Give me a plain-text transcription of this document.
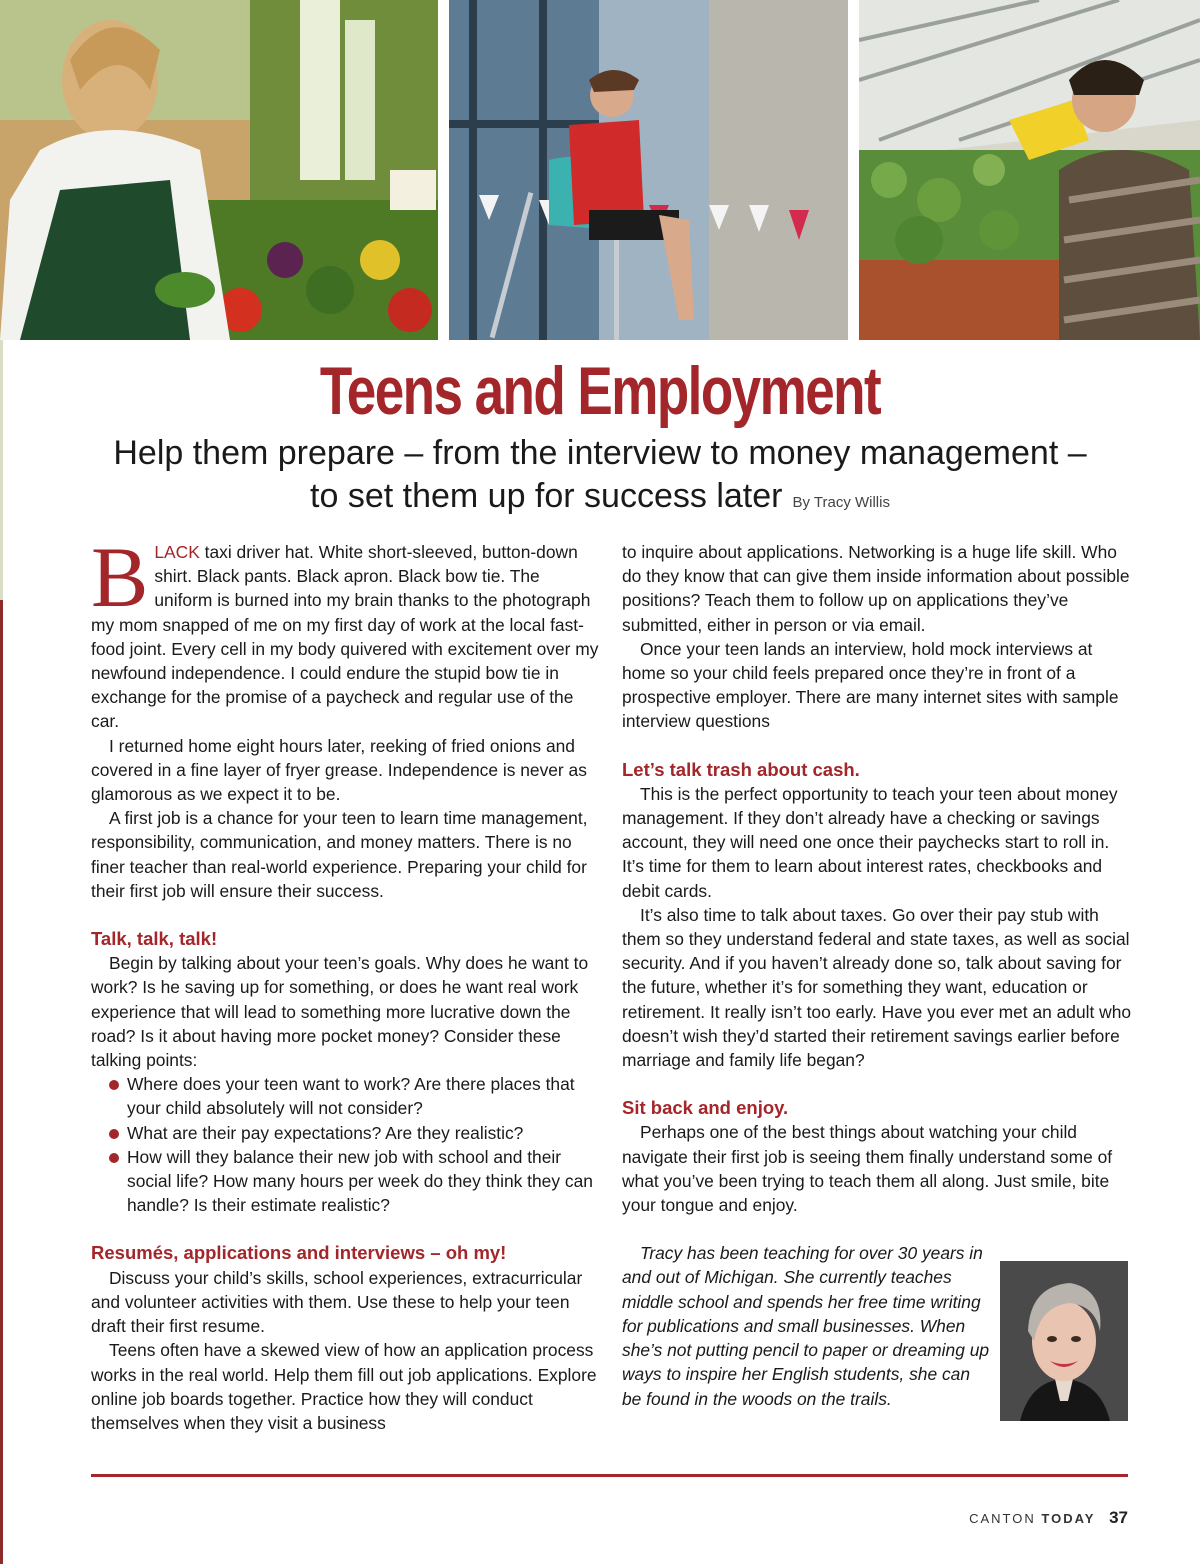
Teens and Employment
Help them prepare – from the interview to money management –
to set them up for success later By Tracy Willis

BLACK taxi driver hat. White short-sleeved, button-down shirt. Black pants. Black apron. Black bow tie. The uniform is burned into my brain thanks to the photograph my mom snapped of me on my first day of work at the local fast-food joint. Every cell in my body quivered with excitement over my newfound independence. I could endure the stupid bow tie in exchange for the promise of a paycheck and regular use of the car.

I returned home eight hours later, reeking of fried onions and covered in a fine layer of fryer grease. Independence is never as glamorous as we expect it to be.

A first job is a chance for your teen to learn time management, responsibility, communication, and money matters. There is no finer teacher than real-world experience. Preparing your child for their first job will ensure their success.

Talk, talk, talk!

Begin by talking about your teen’s goals. Why does he want to work? Is he saving up for something, or does he want real work experience that will lead to something more lucrative down the road? Is it about having more pocket money? Consider these talking points:

Where does your teen want to work? Are there places that your child absolutely will not consider?
What are their pay expectations? Are they realistic?
How will they balance their new job with school and their social life? How many hours per week do they think they can handle? Is their estimate realistic?
Resumés, applications and interviews – oh my!

Discuss your child’s skills, school experiences, extracurricular and volunteer activities with them. Use these to help your teen draft their first resume.

Teens often have a skewed view of how an application process works in the real world. Help them fill out job applications. Explore online job boards together. Practice how they will conduct themselves when they visit a business

to inquire about applications. Networking is a huge life skill. Who do they know that can give them inside information about possible positions? Teach them to follow up on applications they’ve submitted, either in person or via email.

Once your teen lands an interview, hold mock interviews at home so your child feels prepared once they’re in front of a prospective employer. There are many internet sites with sample interview questions

Let’s talk trash about cash.

This is the perfect opportunity to teach your teen about money management. If they don’t already have a checking or savings account, they will need one once their paychecks start to roll in. It’s time for them to learn about interest rates, checkbooks and debit cards.

It’s also time to talk about taxes. Go over their pay stub with them so they understand federal and state taxes, as well as social security. And if you haven’t already done so, talk about saving for the future, whether it’s for something they want, education or retirement. It really isn’t too early. Have you ever met an adult who doesn’t wish they’d started their retirement savings earlier before marriage and family life began?

Sit back and enjoy.

Perhaps one of the best things about watching your child navigate their first job is seeing them finally understand some of what you’ve been trying to teach them all along. Just smile, bite your tongue and enjoy.

Tracy has been teaching for over 30 years in and out of Michigan. She currently teaches middle school and spends her free time writing for publications and small businesses. When she’s not putting pencil to paper or dreaming up ways to inspire her English students, she can be found in the woods on the trails.

CANTON TODAY 37
